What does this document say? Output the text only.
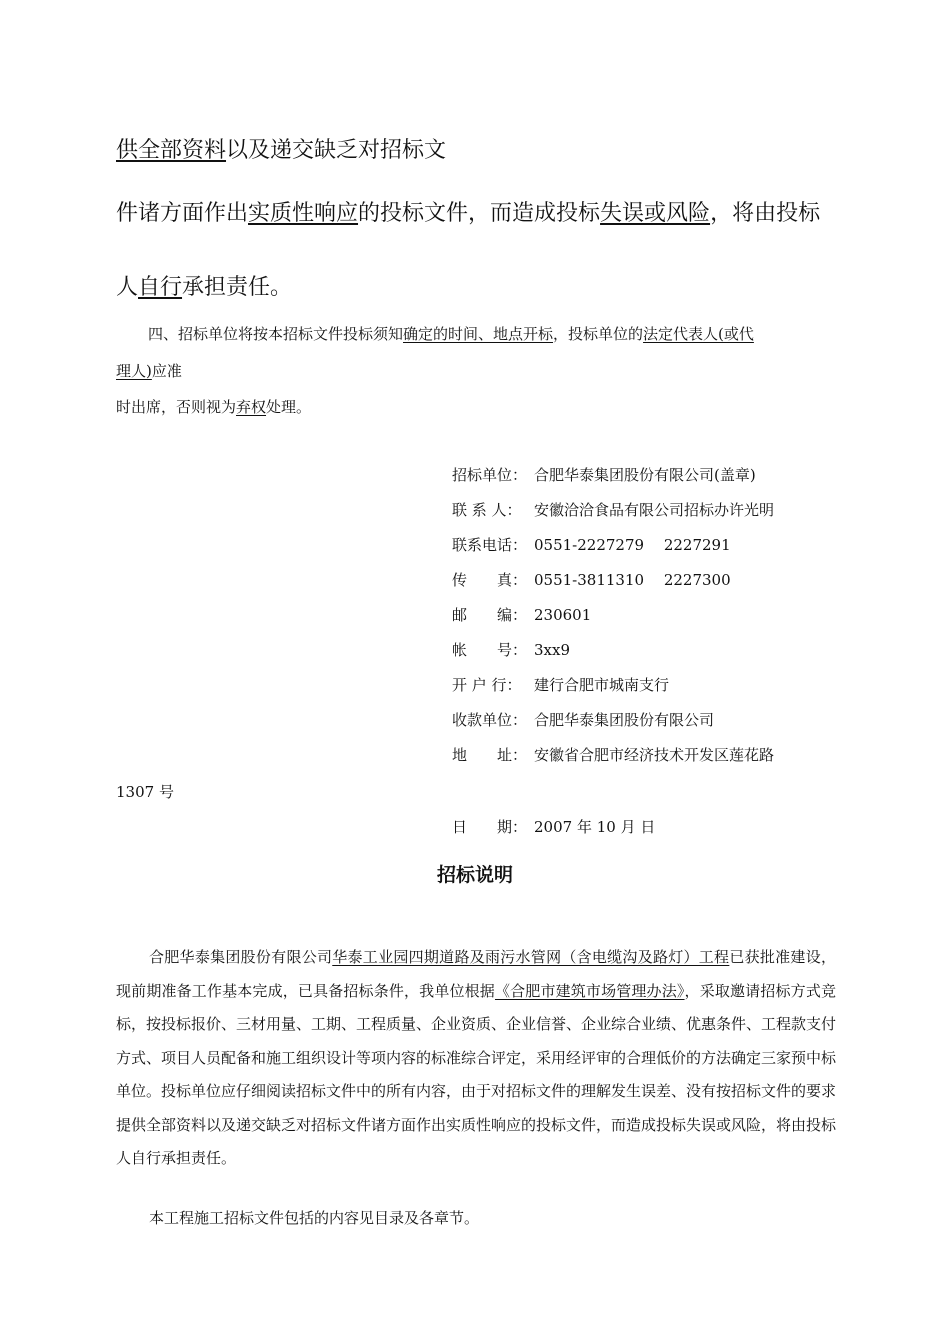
供全部资料以及递交缺乏对招标文
件诸方面作出实质性响应的投标文件，而造成投标失误或风险，将由投标
人自行承担责任。
四、招标单位将按本招标文件投标须知确定的时间、地点开标，投标单位的法定代表人(或代
理人)应准
时出席，否则视为弃权处理。
招标单位： 合肥华泰集团股份有限公司(盖章)
联 系 人： 安徽洽洽食品有限公司招标办许光明
联系电话： 0551-2227279　 2227291
传　　真： 0551-3811310　 2227300
邮　　编： 230601
帐　　号： 3xx9
开 户 行： 建行合肥市城南支行
收款单位： 合肥华泰集团股份有限公司
地　　址： 安徽省合肥市经济技术开发区莲花路
1307 号
日　　期： 2007 年 10 月 日
招标说明
合肥华泰集团股份有限公司华泰工业园四期道路及雨污水管网（含电缆沟及路灯）工程已获批准建设，现前期准备工作基本完成，已具备招标条件，我单位根据《合肥市建筑市场管理办法》，采取邀请招标方式竞标，按投标报价、三材用量、工期、工程质量、企业资质、企业信誉、企业综合业绩、优惠条件、工程款支付方式、项目人员配备和施工组织设计等项内容的标准综合评定，采用经评审的合理低价的方法确定三家预中标单位。投标单位应仔细阅读招标文件中的所有内容，由于对招标文件的理解发生误差、没有按招标文件的要求提供全部资料以及递交缺乏对招标文件诸方面作出实质性响应的投标文件，而造成投标失误或风险，将由投标人自行承担责任。
本工程施工招标文件包括的内容见目录及各章节。
